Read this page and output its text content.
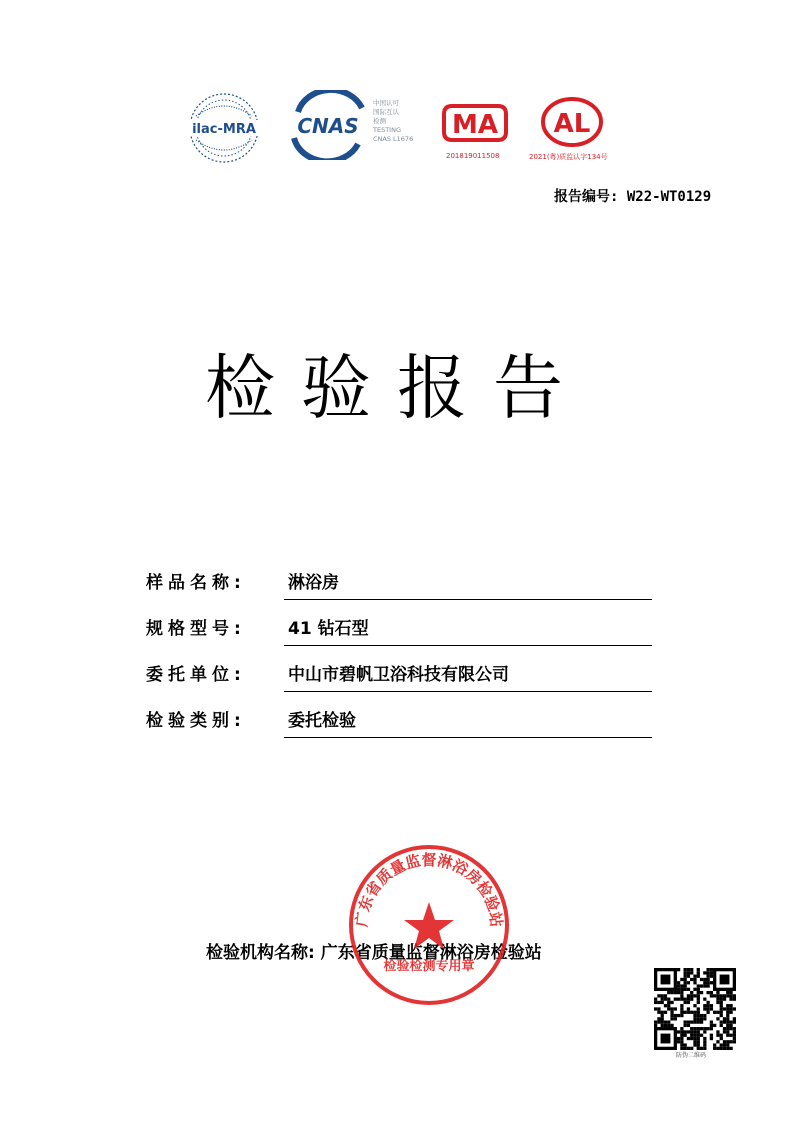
ilac-MRA CNAS
中国认可
国际互认
检测
TESTING
CNAS L1676 MA
201819011508
AL
2021(粤)质监认字134号
报告编号: W22-WT0129
检验报告
样品名称:	淋浴房
规格型号:	41 钻石型
委托单位:	中山市碧帆卫浴科技有限公司
检验类别:	委托检验
检验机构名称: 广东省质量监督淋浴房检验站
广东省质量监督淋浴房检验站
检验检测专用章
防伪二维码
